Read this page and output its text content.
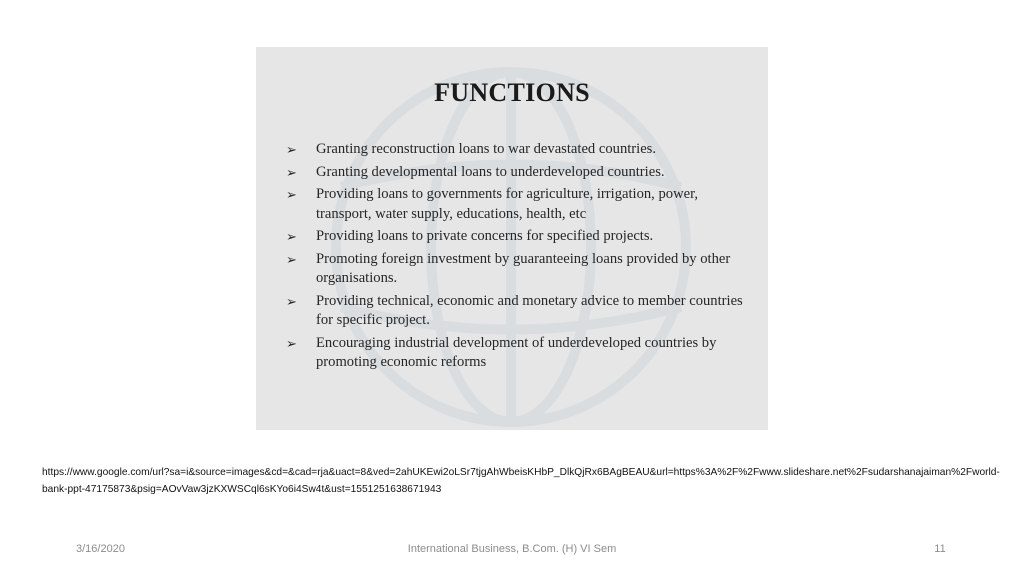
FUNCTIONS
➢ Granting reconstruction loans to war devastated countries.
➢ Granting developmental loans to underdeveloped countries.
➢ Providing loans to governments for agriculture, irrigation, power, transport, water supply, educations, health, etc
➢ Providing loans to private concerns for specified projects.
➢ Promoting foreign investment by guaranteeing loans provided by other organisations.
➢ Providing technical, economic and monetary advice to member countries for specific project.
➢ Encouraging industrial development of underdeveloped countries by promoting economic reforms
https://www.google.com/url?sa=i&source=images&cd=&cad=rja&uact=8&ved=2ahUKEwi2oLSr7tjgAhWbeisKHbP_DlkQjRx6BAgBEAU&url=https%3A%2F%2Fwww.slideshare.net%2Fsudarshanajaiman%2Fworld-bank-ppt-47175873&psig=AOvVaw3jzKXWSCql6sKYo6i4Sw4t&ust=1551251638671943
3/16/2020	International Business, B.Com. (H) VI Sem	11
